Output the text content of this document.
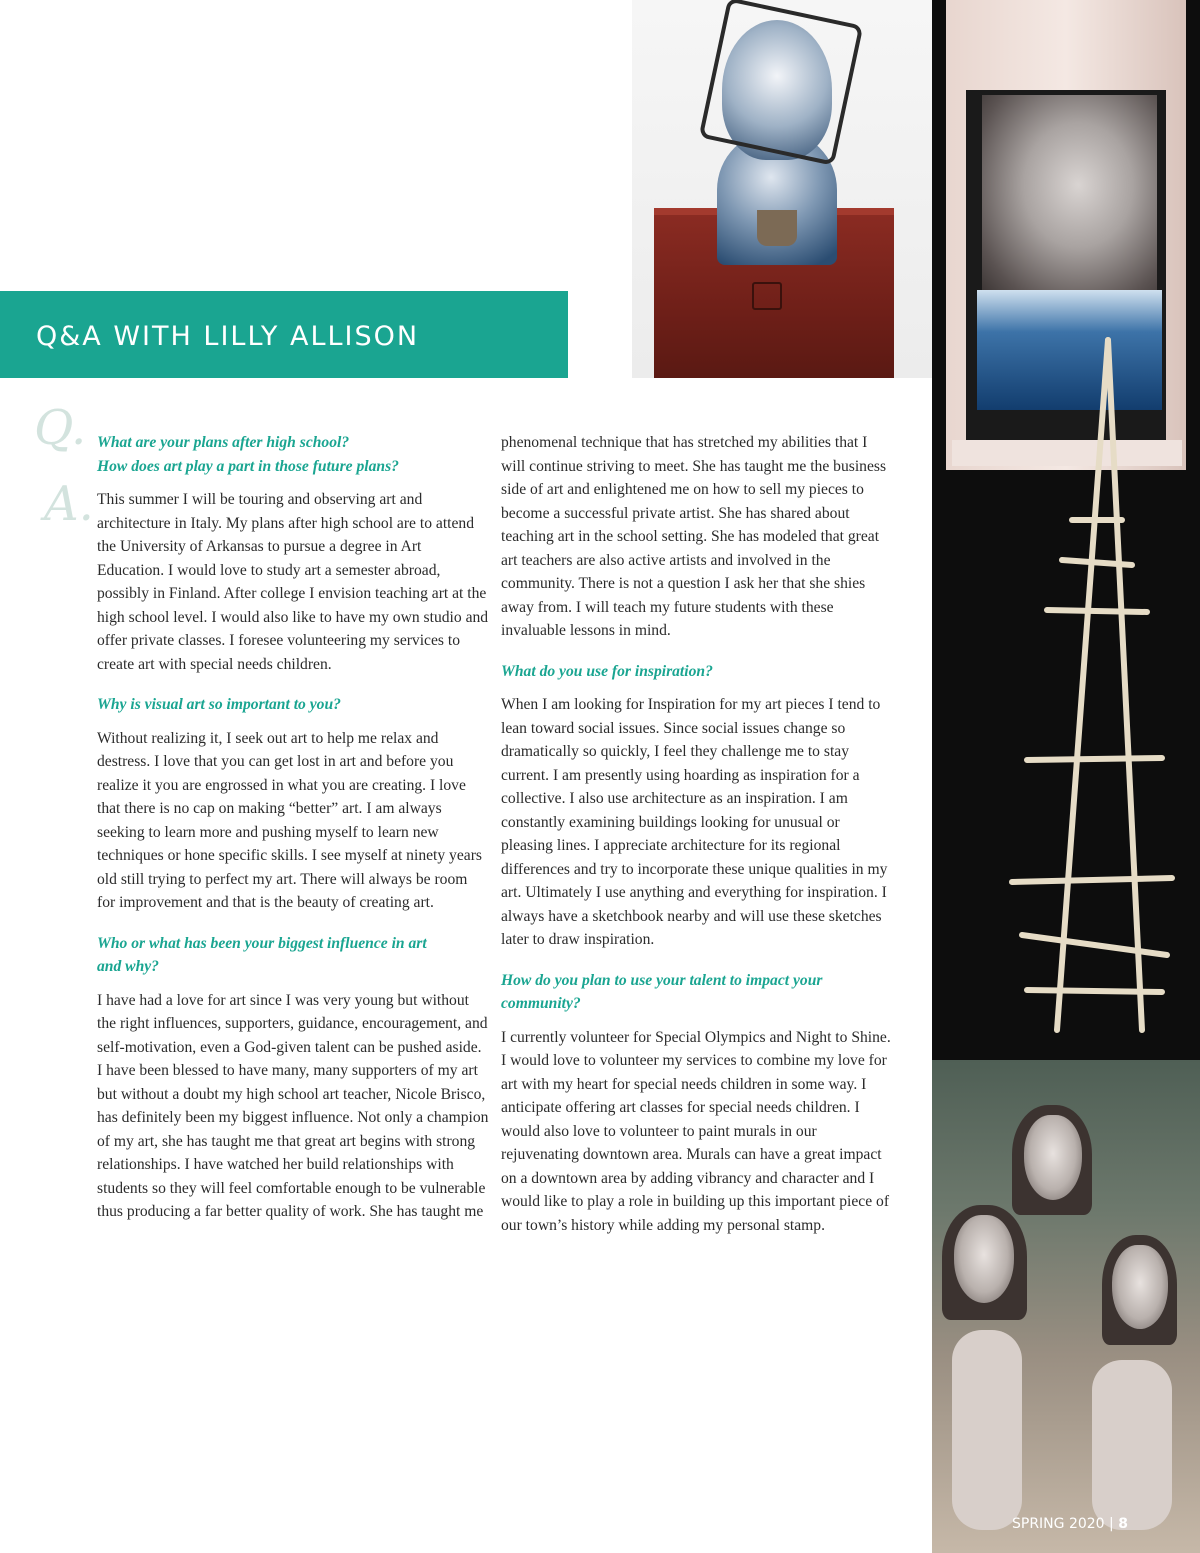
Q&A WITH LILLY ALLISON
Q.
A.

What are your plans after high school?
How does art play a part in those future plans?

This summer I will be touring and observing art and architecture in Italy. My plans after high school are to attend the University of Arkansas to pursue a degree in Art Education. I would love to study art a semester abroad, possibly in Finland. After college I envision teaching art at the high school level. I would also like to have my own studio and offer private classes. I foresee volunteering my services to create art with special needs children.

Why is visual art so important to you?

Without realizing it, I seek out art to help me relax and destress. I love that you can get lost in art and before you realize it you are engrossed in what you are creating. I love that there is no cap on making “better” art. I am always seeking to learn more and pushing myself to learn new techniques or hone specific skills. I see myself at ninety years old still trying to perfect my art. There will always be room for improvement and that is the beauty of creating art.

Who or what has been your biggest influence in art
and why?

I have had a love for art since I was very young but without the right influences, supporters, guidance, encouragement, and self-motivation, even a God-given talent can be pushed aside. I have been blessed to have many, many supporters of my art but without a doubt my high school art teacher, Nicole Brisco, has definitely been my biggest influence. Not only a champion of my art, she has taught me that great art begins with strong relationships. I have watched her build relationships with students so they will feel comfortable enough to be vulnerable thus producing a far better quality of work. She has taught me

phenomenal technique that has stretched my abilities that I will continue striving to meet. She has taught me the business side of art and enlightened me on how to sell my pieces to become a successful private artist. She has shared about teaching art in the school setting. She has modeled that great art teachers are also active artists and involved in the community. There is not a question I ask her that she shies away from. I will teach my future students with these invaluable lessons in mind.

What do you use for inspiration?

When I am looking for Inspiration for my art pieces I tend to lean toward social issues. Since social issues change so dramatically so quickly, I feel they challenge me to stay current. I am presently using hoarding as inspiration for a collective. I also use architecture as an inspiration. I am constantly examining buildings looking for unusual or pleasing lines. I appreciate architecture for its regional differences and try to incorporate these unique qualities in my art. Ultimately I use anything and everything for inspiration. I always have a sketchbook nearby and will use these sketches later to draw inspiration.

How do you plan to use your talent to impact your
community?

I currently volunteer for Special Olympics and Night to Shine. I would love to volunteer my services to combine my love for art with my heart for special needs children in some way. I anticipate offering art classes for special needs children. I would also love to volunteer to paint murals in our rejuvenating downtown area. Murals can have a great impact on a downtown area by adding vibrancy and character and I would like to play a role in building up this important piece of our town’s history while adding my personal stamp.

SPRING 2020 | 8
